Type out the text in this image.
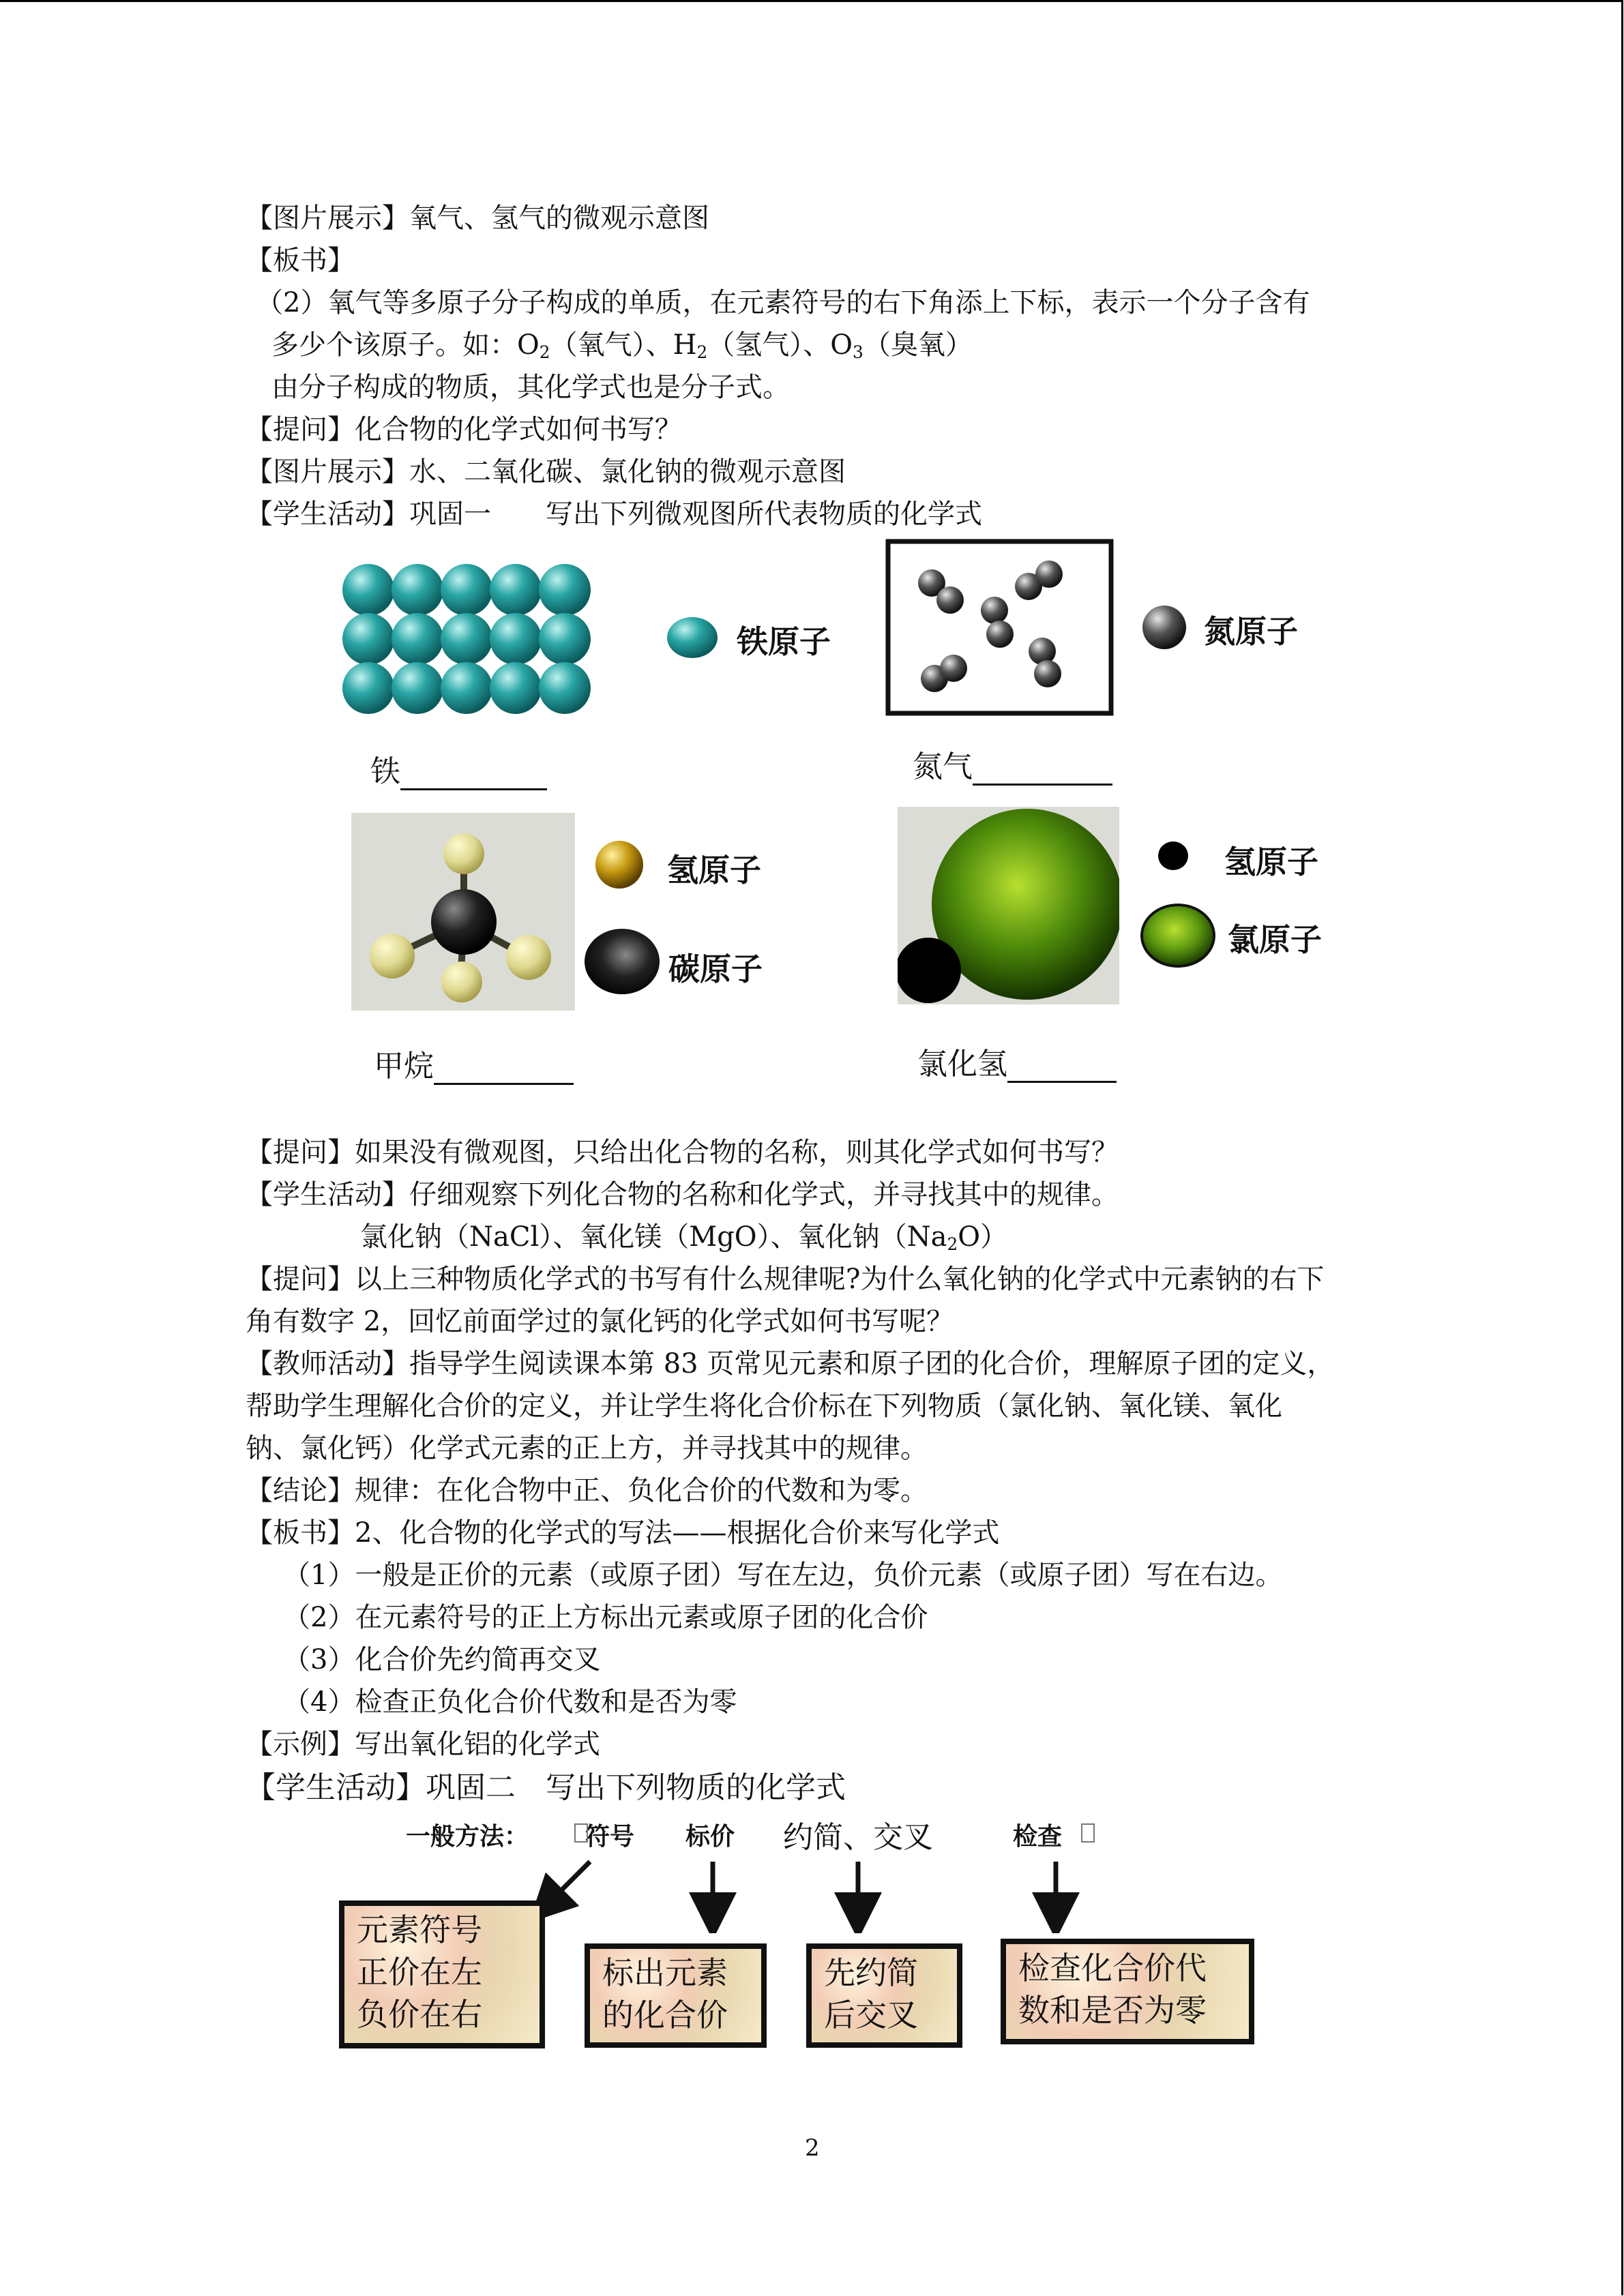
【图片展示】氧气、氢气的微观示意图
【板书】
（2）氧气等多原子分子构成的单质，在元素符号的右下角添上下标，表示一个分子含有
多少个该原子。如：$O_2$（氧气）、$H_2$（氢气）、$O_3$（臭氧）
由分子构成的物质，其化学式也是分子式。
【提问】化合物的化学式如何书写？
【图片展示】水、二氧化碳、氯化钠的微观示意图
【学生活动】巩固一　　写出下列微观图所代表物质的化学式
铁原子
铁
氮原子
氮气
氢原子
碳原子
甲烷
氢原子
氯原子
氯化氢
【提问】如果没有微观图，只给出化合物的名称，则其化学式如何书写？
【学生活动】仔细观察下列化合物的名称和化学式，并寻找其中的规律。
氯化钠（NaCl）、氧化镁（MgO）、氧化钠$(Na_2O)$
【提问】以上三种物质化学式的书写有什么规律呢?为什么氧化钠的化学式中元素钠的右下
角有数字 2，回忆前面学过的氯化钙的化学式如何书写呢？
【教师活动】指导学生阅读课本第 83 页常见元素和原子团的化合价，理解原子团的定义，
帮助学生理解化合价的定义，并让学生将化合价标在下列物质（氯化钠、氧化镁、氧化
钠、氯化钙）化学式元素的正上方，并寻找其中的规律。
【结论】规律：在化合物中正、负化合价的代数和为零。
【板书】2、化合物的化学式的写法——根据化合价来写化学式
（1）一般是正价的元素（或原子团）写在左边，负价元素（或原子团）写在右边。
（2）在元素符号的正上方标出元素或原子团的化合价
（3）化合价先约简再交叉
（4）检查正负化合价代数和是否为零
【示例】写出氧化铝的化学式
【学生活动】巩固二　写出下列物质的化学式
一般方法： 符号 标价 约简、交叉	检查
元素符号
正价在左
负价在右
标出元素
的化合价
先约简
后交叉
检查化合价代
数和是否为零
2
